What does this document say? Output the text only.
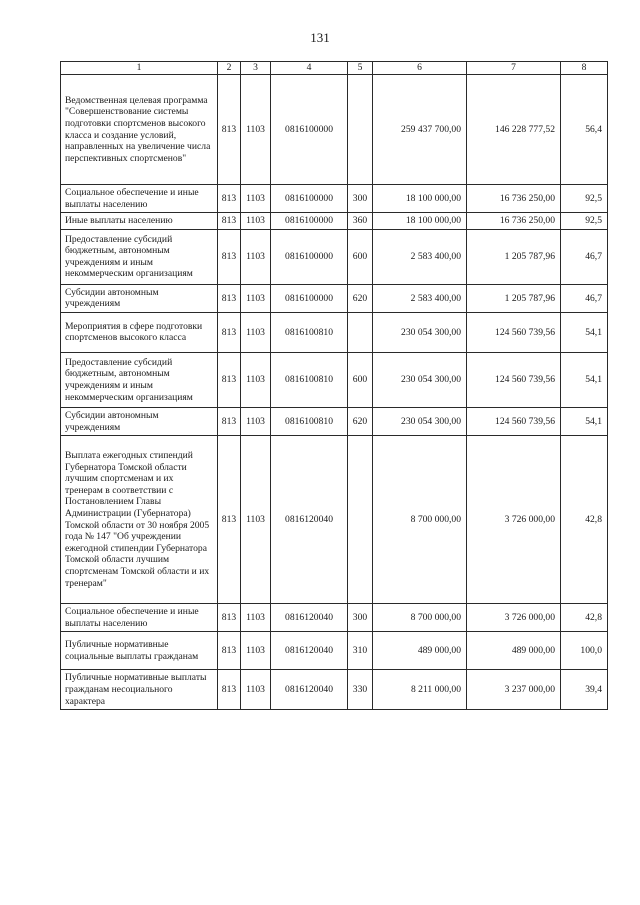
131
1	2	3	4	5	6	7	8
Ведомственная целевая программа "Совершенствование системы подготовки спортсменов высокого класса и создание условий, направленных на увеличение числа перспективных спортсменов"	813	1103	0816100000		259 437 700,00	146 228 777,52	56,4
Социальное обеспечение и иные выплаты населению	813	1103	0816100000	300	18 100 000,00	16 736 250,00	92,5
Иные выплаты населению	813	1103	0816100000	360	18 100 000,00	16 736 250,00	92,5
Предоставление субсидий бюджетным, автономным учреждениям и иным некоммерческим организациям	813	1103	0816100000	600	2 583 400,00	1 205 787,96	46,7
Субсидии автономным учреждениям	813	1103	0816100000	620	2 583 400,00	1 205 787,96	46,7
Мероприятия в сфере подготовки спортсменов высокого класса	813	1103	0816100810		230 054 300,00	124 560 739,56	54,1
Предоставление субсидий бюджетным, автономным учреждениям и иным некоммерческим организациям	813	1103	0816100810	600	230 054 300,00	124 560 739,56	54,1
Субсидии автономным учреждениям	813	1103	0816100810	620	230 054 300,00	124 560 739,56	54,1
Выплата ежегодных стипендий Губернатора Томской области лучшим спортсменам и их тренерам в соответствии с Постановлением Главы Администрации (Губернатора) Томской области от 30 ноября 2005 года № 147 "Об учреждении ежегодной стипендии Губернатора Томской области лучшим спортсменам Томской области и их тренерам"	813	1103	0816120040		8 700 000,00	3 726 000,00	42,8
Социальное обеспечение и иные выплаты населению	813	1103	0816120040	300	8 700 000,00	3 726 000,00	42,8
Публичные нормативные социальные выплаты гражданам	813	1103	0816120040	310	489 000,00	489 000,00	100,0
Публичные нормативные выплаты гражданам несоциального характера	813	1103	0816120040	330	8 211 000,00	3 237 000,00	39,4
